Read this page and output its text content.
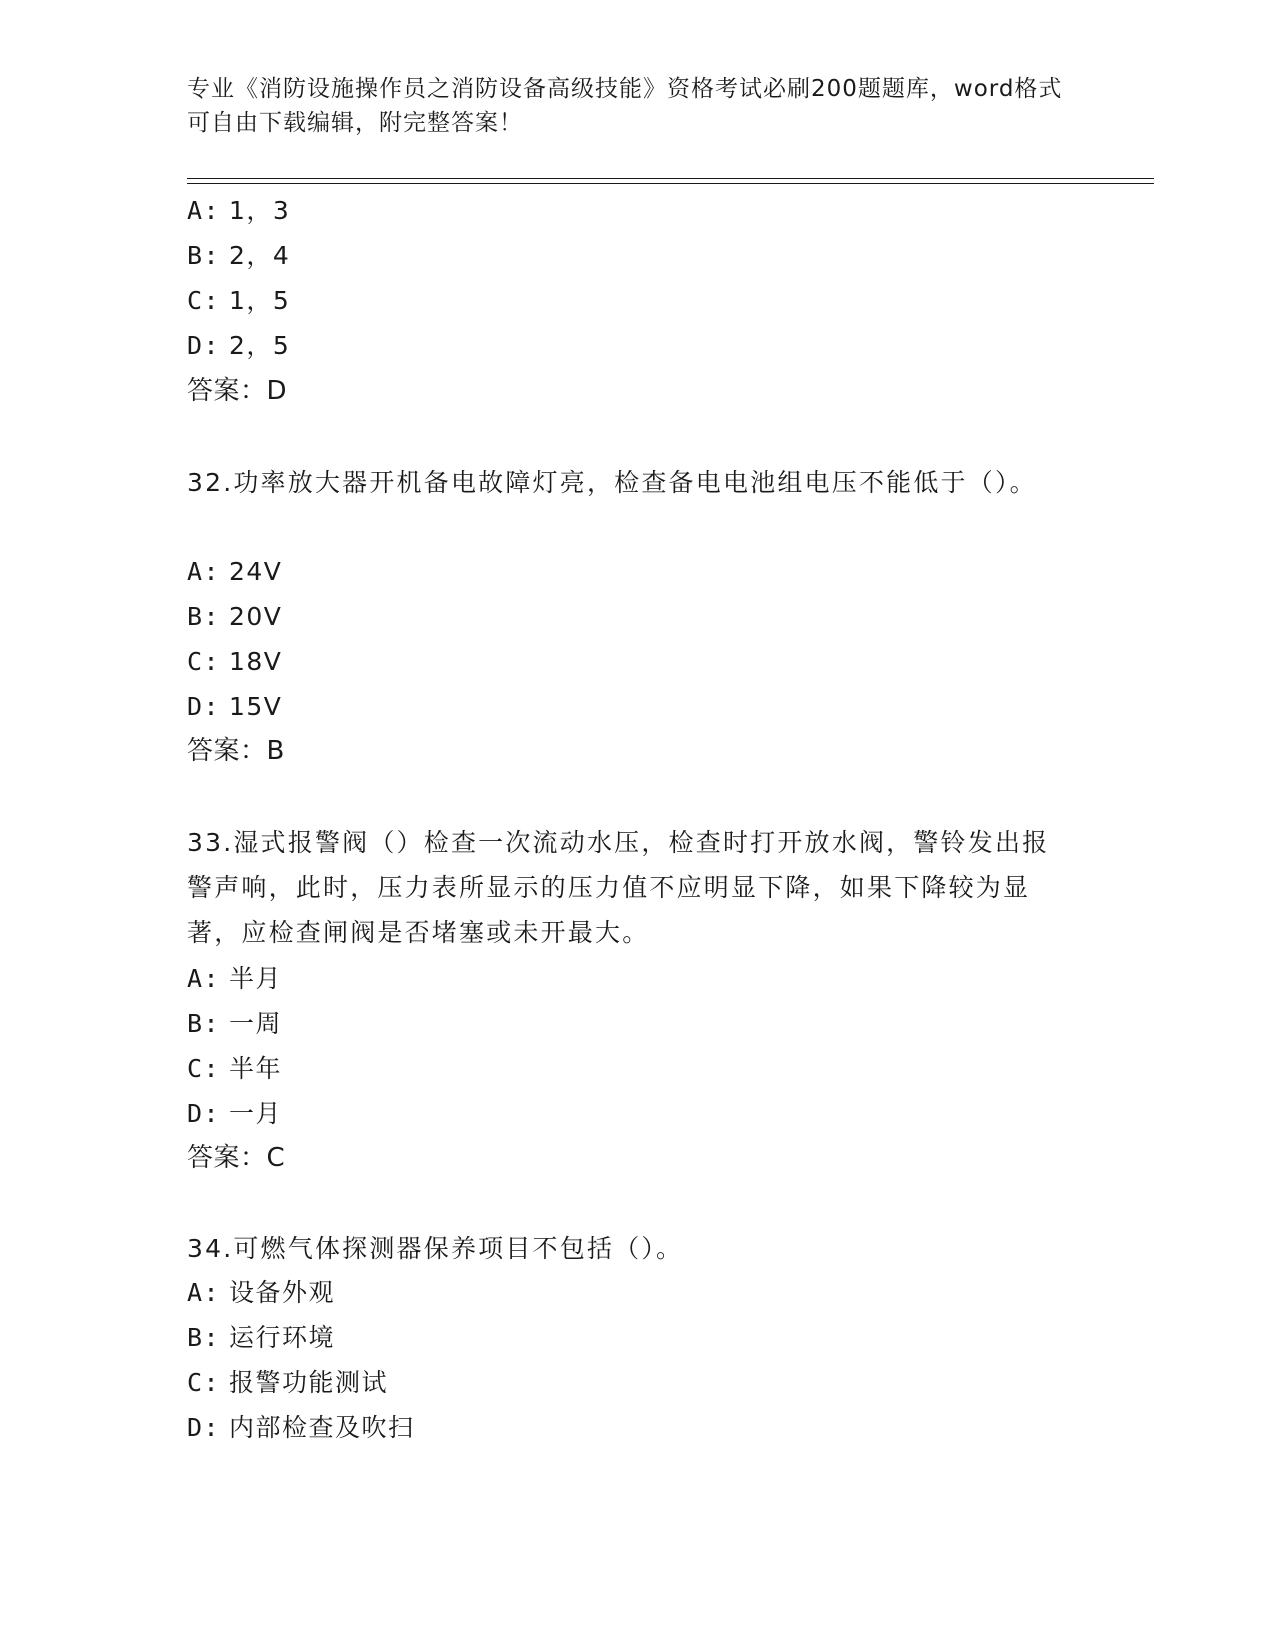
专业《消防设施操作员之消防设备高级技能》资格考试必刷200题题库，word格式可自由下载编辑，附完整答案！
A: 1，3
B: 2，4
C: 1，5
D: 2，5
答案：D
32.功率放大器开机备电故障灯亮，检查备电电池组电压不能低于（）。
A: 24V
B: 20V
C: 18V
D: 15V
答案：B
33.湿式报警阀（）检查一次流动水压，检查时打开放水阀，警铃发出报警声响，此时，压力表所显示的压力值不应明显下降，如果下降较为显著，应检查闸阀是否堵塞或未开最大。
A: 半月
B: 一周
C: 半年
D: 一月
答案：C
34.可燃气体探测器保养项目不包括（）。
A: 设备外观
B: 运行环境
C: 报警功能测试
D: 内部检查及吹扫
